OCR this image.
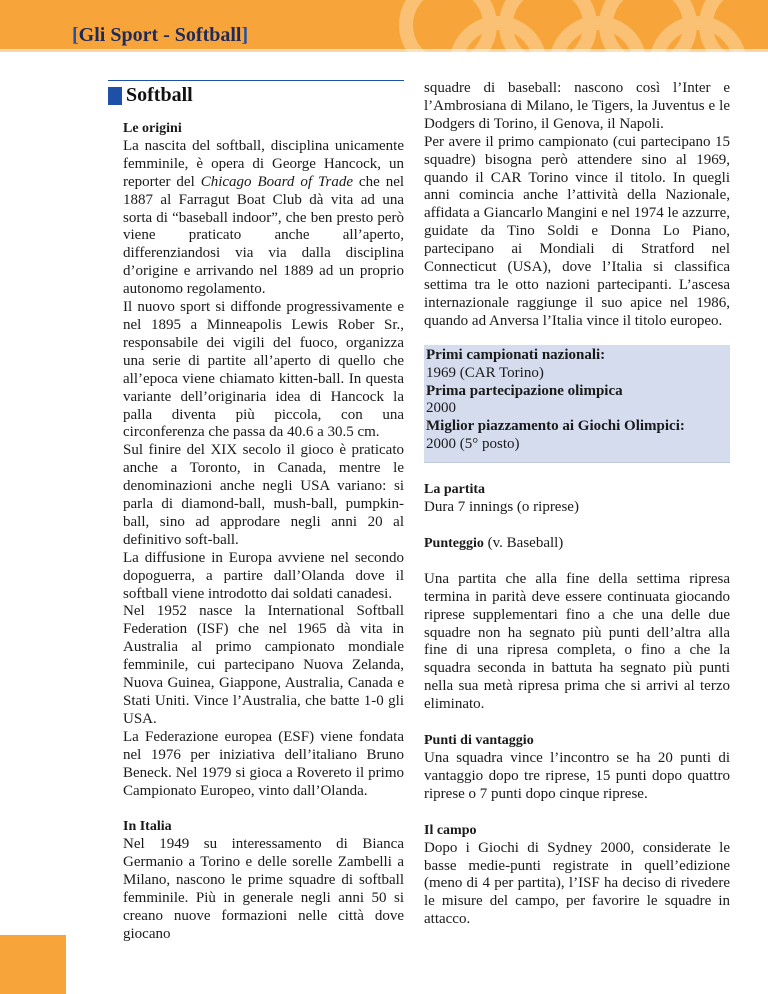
[Gli Sport - Softball]
Softball
Le origini

La nascita del softball, disciplina unicamente femminile, è opera di George Hancock, un reporter del Chicago Board of Trade che nel 1887 al Farragut Boat Club dà vita ad una sorta di “baseball indoor”, che ben presto però viene praticato anche all’aperto, differenziandosi via via dalla disciplina d’origine e arrivando nel 1889 ad un proprio autonomo regolamento.

Il nuovo sport si diffonde progressivamente e nel 1895 a Minneapolis Lewis Rober Sr., responsabile dei vigili del fuoco, organizza una serie di partite all’aperto di quello che all’epoca viene chiamato kitten-ball. In questa variante dell’originaria idea di Hancock la palla diventa più piccola, con una circonferenza che passa da 40.6 a 30.5 cm.

Sul finire del XIX secolo il gioco è praticato anche a Toronto, in Canada, mentre le denominazioni anche negli USA variano: si parla di diamond-ball, mush-ball, pumpkin-ball, sino ad approdare negli anni 20 al definitivo soft-ball.

La diffusione in Europa avviene nel secondo dopoguerra, a partire dall’Olanda dove il softball viene introdotto dai soldati canadesi.

Nel 1952 nasce la International Softball Federation (ISF) che nel 1965 dà vita in Australia al primo campionato mondiale femminile, cui partecipano Nuova Zelanda, Nuova Guinea, Giappone, Australia, Canada e Stati Uniti. Vince l’Australia, che batte 1-0 gli USA.

La Federazione europea (ESF) viene fondata nel 1976 per iniziativa dell’italiano Bruno Beneck. Nel 1979 si gioca a Rovereto il primo Campionato Europeo, vinto dall’Olanda.

In Italia

Nel 1949 su interessamento di Bianca Germanio a Torino e delle sorelle Zambelli a Milano, nascono le prime squadre di softball femminile. Più in generale negli anni 50 si creano nuove formazioni nelle città dove giocano

squadre di baseball: nascono così l’Inter e l’Ambrosiana di Milano, le Tigers, la Juventus e le Dodgers di Torino, il Genova, il Napoli.

Per avere il primo campionato (cui partecipano 15 squadre) bisogna però attendere sino al 1969, quando il CAR Torino vince il titolo. In quegli anni comincia anche l’attività della Nazionale, affidata a Giancarlo Mangini e nel 1974 le azzurre, guidate da Tino Soldi e Donna Lo Piano, partecipano ai Mondiali di Stratford nel Connecticut (USA), dove l’Italia si classifica settima tra le otto nazioni partecipanti. L’ascesa internazionale raggiunge il suo apice nel 1986, quando ad Anversa l’Italia vince il titolo europeo.

Primi campionati nazionali:

1969 (CAR Torino)

Prima partecipazione olimpica

2000

Miglior piazzamento ai Giochi Olimpici:

2000 (5° posto)

La partita

Dura 7 innings (o riprese)

Punteggio (v. Baseball)

Una partita che alla fine della settima ripresa termina in parità deve essere continuata giocando riprese supplementari fino a che una delle due squadre non ha segnato più punti dell’altra alla fine di una ripresa completa, o fino a che la squadra seconda in battuta ha segnato più punti nella sua metà ripresa prima che si arrivi al terzo eliminato.

Punti di vantaggio

Una squadra vince l’incontro se ha 20 punti di vantaggio dopo tre riprese, 15 punti dopo quattro riprese o 7 punti dopo cinque riprese.

Il campo

Dopo i Giochi di Sydney 2000, considerate le basse medie-punti registrate in quell’edizione (meno di 4 per partita), l’ISF ha deciso di rivedere le misure del campo, per favorire le squadre in attacco.
